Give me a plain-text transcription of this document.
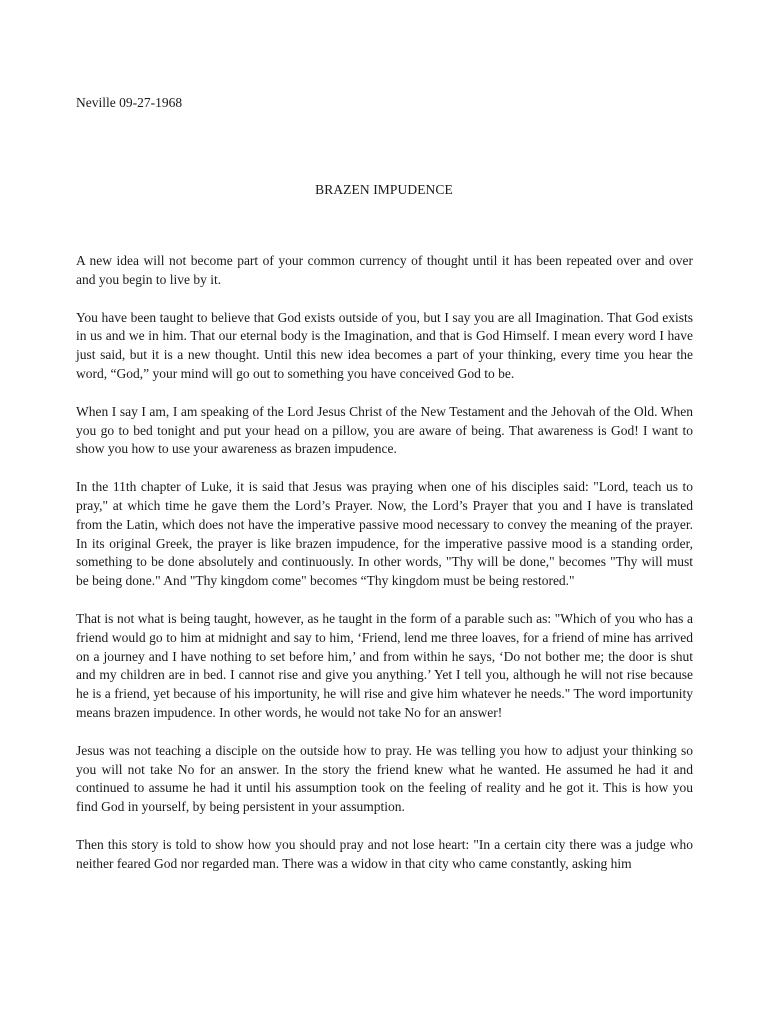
Neville 09-27-1968
BRAZEN IMPUDENCE

A new idea will not become part of your common currency of thought until it has been repeated over and over and you begin to live by it.

You have been taught to believe that God exists outside of you, but I say you are all Imagination. That God exists in us and we in him. That our eternal body is the Imagination, and that is God Himself. I mean every word I have just said, but it is a new thought. Until this new idea becomes a part of your thinking, every time you hear the word, “God,” your mind will go out to something you have conceived God to be.

When I say I am, I am speaking of the Lord Jesus Christ of the New Testament and the Jehovah of the Old. When you go to bed tonight and put your head on a pillow, you are aware of being. That awareness is God! I want to show you how to use your awareness as brazen impudence.

In the 11th chapter of Luke, it is said that Jesus was praying when one of his disciples said: "Lord, teach us to pray," at which time he gave them the Lord’s Prayer. Now, the Lord’s Prayer that you and I have is translated from the Latin, which does not have the imperative passive mood necessary to convey the meaning of the prayer. In its original Greek, the prayer is like brazen impudence, for the imperative passive mood is a standing order, something to be done absolutely and continuously. In other words, "Thy will be done," becomes "Thy will must be being done." And "Thy kingdom come" becomes “Thy kingdom must be being restored."

That is not what is being taught, however, as he taught in the form of a parable such as: "Which of you who has a friend would go to him at midnight and say to him, ‘Friend, lend me three loaves, for a friend of mine has arrived on a journey and I have nothing to set before him,’ and from within he says, ‘Do not bother me; the door is shut and my children are in bed. I cannot rise and give you anything.’ Yet I tell you, although he will not rise because he is a friend, yet because of his importunity, he will rise and give him whatever he needs." The word importunity means brazen impudence. In other words, he would not take No for an answer!

Jesus was not teaching a disciple on the outside how to pray. He was telling you how to adjust your thinking so you will not take No for an answer. In the story the friend knew what he wanted. He assumed he had it and continued to assume he had it until his assumption took on the feeling of reality and he got it. This is how you find God in yourself, by being persistent in your assumption.

Then this story is told to show how you should pray and not lose heart: "In a certain city there was a judge who neither feared God nor regarded man. There was a widow in that city who came constantly, asking him
